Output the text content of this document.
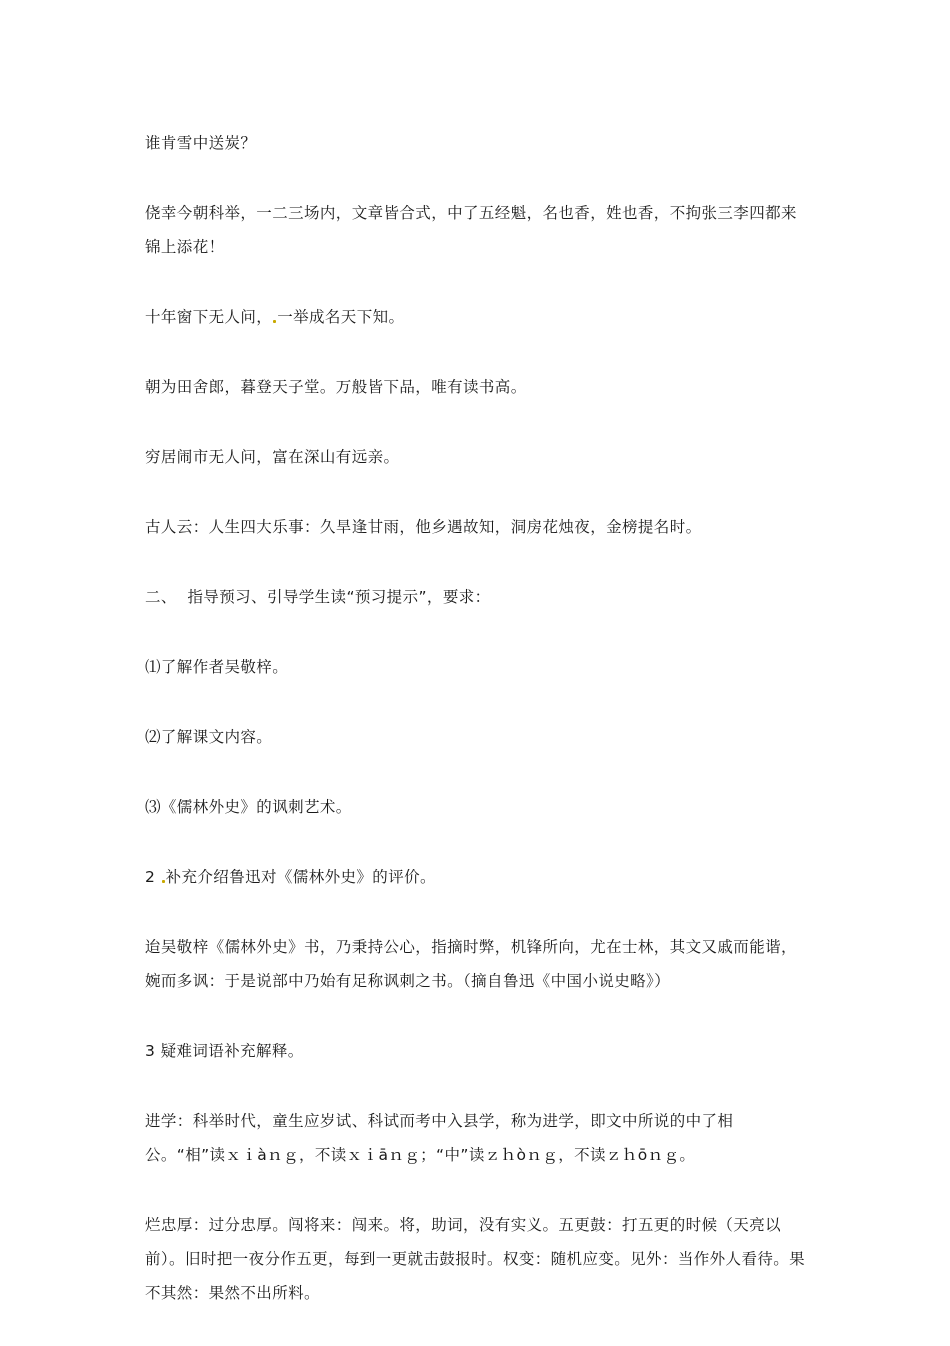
谁肯雪中送炭？

侥幸今朝科举，一二三场内，文章皆合式，中了五经魁，名也香，姓也香，不拘张三李四都来锦上添花！

十年窗下无人问， 一举成名天下知。

朝为田舍郎，暮登天子堂。万般皆下品，唯有读书高。

穷居闹市无人问，富在深山有远亲。

古人云：人生四大乐事：久旱逢甘雨，他乡遇故知，洞房花烛夜，金榜提名时。

二、  指导预习、引导学生读“预习提示”，要求：

⑴了解作者吴敬梓。

⑵了解课文内容。

⑶《儒林外史》的讽刺艺术。

2 补充介绍鲁迅对《儒林外史》的评价。

迨吴敬梓《儒林外史》书，乃秉持公心，指摘时弊，机锋所向，尤在士林，其文又戚而能谐，婉而多讽：于是说部中乃始有足称讽刺之书。（摘自鲁迅《中国小说史略》）

3 疑难词语补充解释。

进学：科举时代，童生应岁试、科试而考中入县学，称为进学，即文中所说的中了相公。“相”读ｘｉàｎｇ，不读ｘｉāｎｇ；“中”读ｚｈòｎｇ，不读ｚｈōｎｇ。

烂忠厚：过分忠厚。闯将来：闯来。将，助词，没有实义。五更鼓：打五更的时候（天亮以前）。旧时把一夜分作五更，每到一更就击鼓报时。权变：随机应变。见外：当作外人看待。果不其然：果然不出所料。
